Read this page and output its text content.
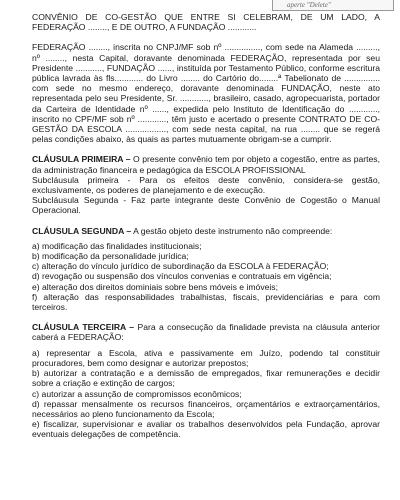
aperte "Delete"

CONVÊNIO DE CO-GESTÃO QUE ENTRE SI CELEBRAM, DE UM LADO, A FEDERAÇÃO ........, E DE OUTRO, A FUNDAÇÃO ............

FEDERAÇÃO ........, inscrita no CNPJ/MF sob nº ..............., com sede na Alameda ........., nº ........, nesta Capital, doravante denominada FEDERAÇÃO, representada por seu Presidente ..........., FUNDAÇÃO ......, instituída por Testamento Público, conforme escritura pública lavrada às fls............ do Livro ........ do Cartório do........ª Tabelionato de ............... com sede no mesmo endereço, doravante denominada FUNDAÇÃO, neste ato representada pelo seu Presidente, Sr. ............, brasileiro, casado, agropecuarista, portador da Carteira de Identidade nº ......, expedida pelo Instituto de Identificação do ............, inscrito no CPF/MF sob nº ............, têm justo e acertado o presente CONTRATO DE CO-GESTÃO DA ESCOLA ................., com sede nesta capital, na rua ........ que se regerá pelas condições abaixo, às quais as partes mutuamente obrigam-se a cumprir.

CLÁUSULA PRIMEIRA – O presente convênio tem por objeto a cogestão, entre as partes, da administração financeira e pedagógica da ESCOLA PROFISSIONAL

Subcláusula primeira - Para os efeitos deste convênio, considera-se gestão, exclusivamente, os poderes de planejamento e de execução.

Subcláusula Segunda - Faz parte integrante deste Convênio de Cogestão o Manual Operacional.

CLÁUSULA SEGUNDA – A gestão objeto deste instrumento não compreende:

a) modificação das finalidades institucionais;

b) modificação da personalidade jurídica;

c) alteração do vínculo jurídico de subordinação da ESCOLA à FEDERAÇÃO;

d) revogação ou suspensão dos vínculos convenias e contratuais em vigência;

e) alteração dos direitos dominiais sobre bens móveis e imóveis;

f) alteração das responsabilidades trabalhistas, fiscais, previdenciárias e para com terceiros.

CLÁUSULA TERCEIRA – Para a consecução da finalidade prevista na cláusula anterior caberá a FEDERAÇÃO:

a) representar a Escola, ativa e passivamente em Juízo, podendo tal constituir procuradores, bem como designar e autorizar prepostos;

b) autorizar a contratação e a demissão de empregados, fixar remunerações e decidir sobre a criação e extinção de cargos;

c) autorizar a assunção de compromissos econômicos;

d) repassar mensalmente os recursos financeiros, orçamentários e extraorçamentários, necessários ao pleno funcionamento da Escola;

e) fiscalizar, supervisionar e avaliar os trabalhos desenvolvidos pela Fundação, aprovar eventuais delegações de competência.
